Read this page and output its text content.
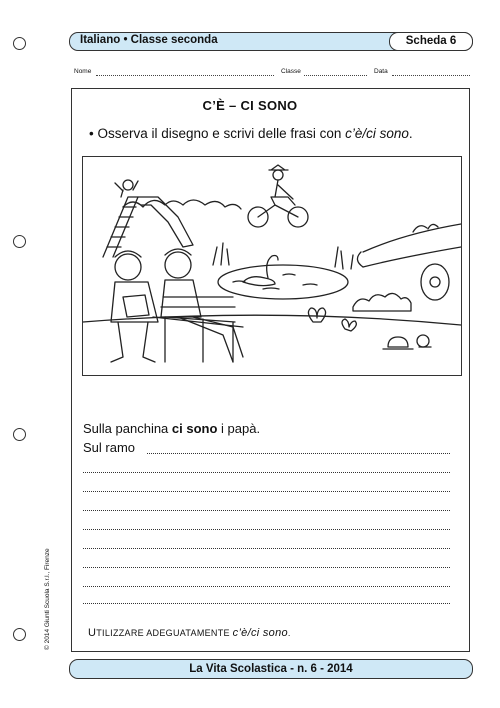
Italiano • Classe seconda	Scheda 6
Nome	Classe	Data
C’È – CI SONO
• Osserva il disegno e scrivi delle frasi con c’è/ci sono.
Sulla panchina ci sono i papà.
Sul ramo
UTILIZZARE ADEGUATAMENTE c’è/ci sono.
© 2014 Giunti Scuola S.r.l., Firenze
La Vita Scolastica - n. 6 - 2014
